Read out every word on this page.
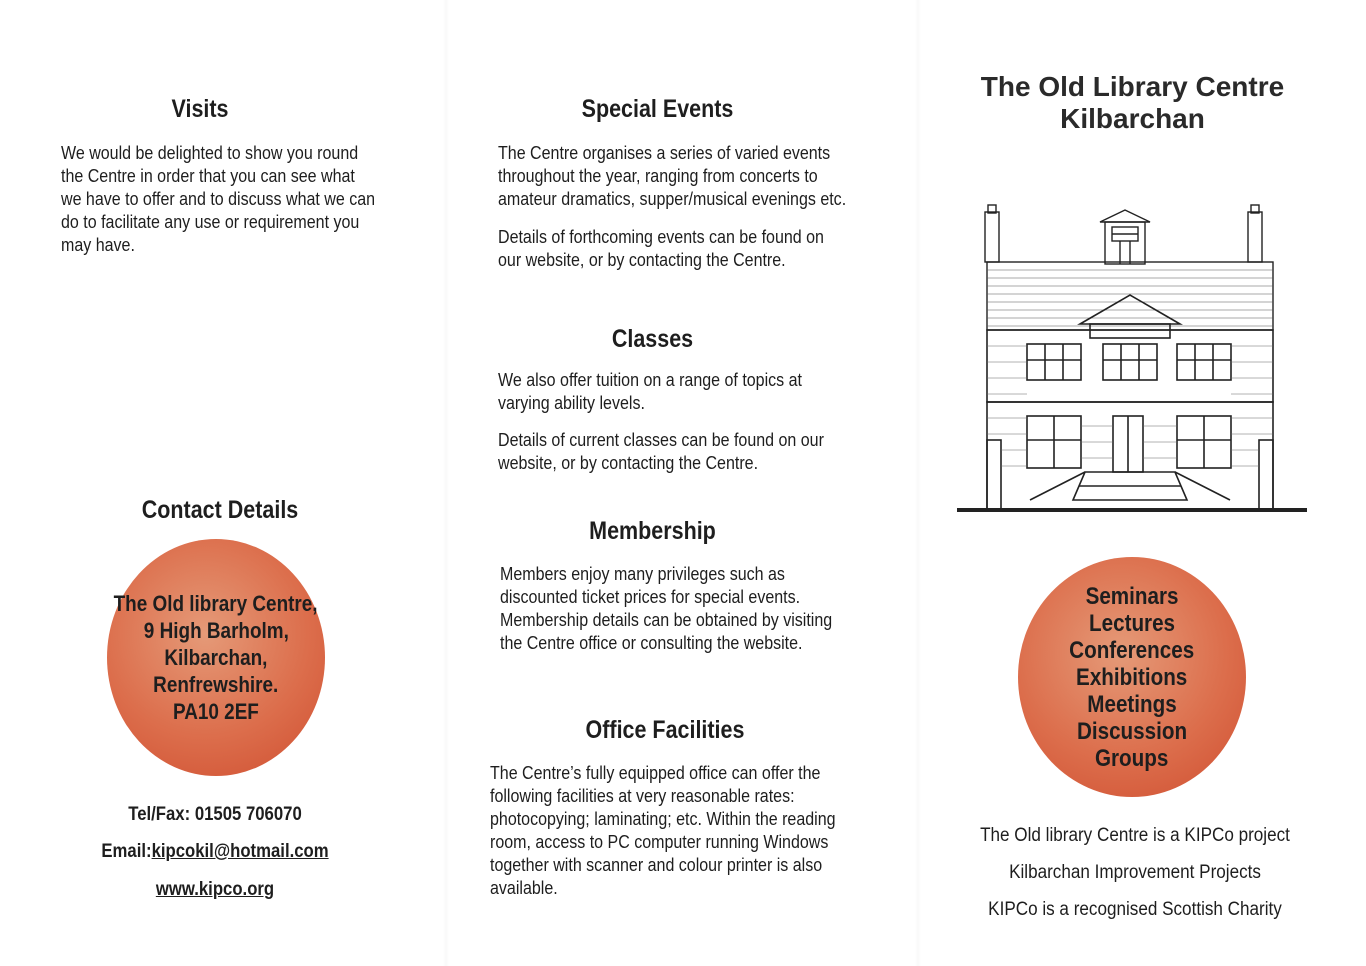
Visits
We would be delighted to show you round
the Centre in order that you can see what
we have to offer and to discuss what we can
do to facilitate any use or requirement you
may have.
Contact Details
The Old library Centre,
9 High Barholm,
Kilbarchan,
Renfrewshire.
PA10 2EF
Tel/Fax: 01505 706070
Email:kipcokil@hotmail.com
www.kipco.org
Special Events
The Centre organises a series of varied events
throughout the year, ranging from concerts to
amateur dramatics, supper/musical evenings etc.
Details of forthcoming events can be found on
our website, or by contacting the Centre.
Classes
We also offer tuition on a range of topics at
varying ability levels.
Details of current classes can be found on our
website, or by contacting the Centre.
Membership
Members enjoy many privileges such as
discounted ticket prices for special events.
Membership details can be obtained by visiting
the Centre office or consulting the website.
Office Facilities
The Centre’s fully equipped office can offer the
following facilities at very reasonable rates:
photocopying; laminating; etc. Within the reading
room, access to PC computer running Windows
together with scanner and colour printer is also
available.
The Old Library Centre
Kilbarchan
Seminars
Lectures
Conferences
Exhibitions
Meetings
Discussion
Groups
The Old library Centre is a KIPCo project
Kilbarchan Improvement Projects
KIPCo is a recognised Scottish Charity
